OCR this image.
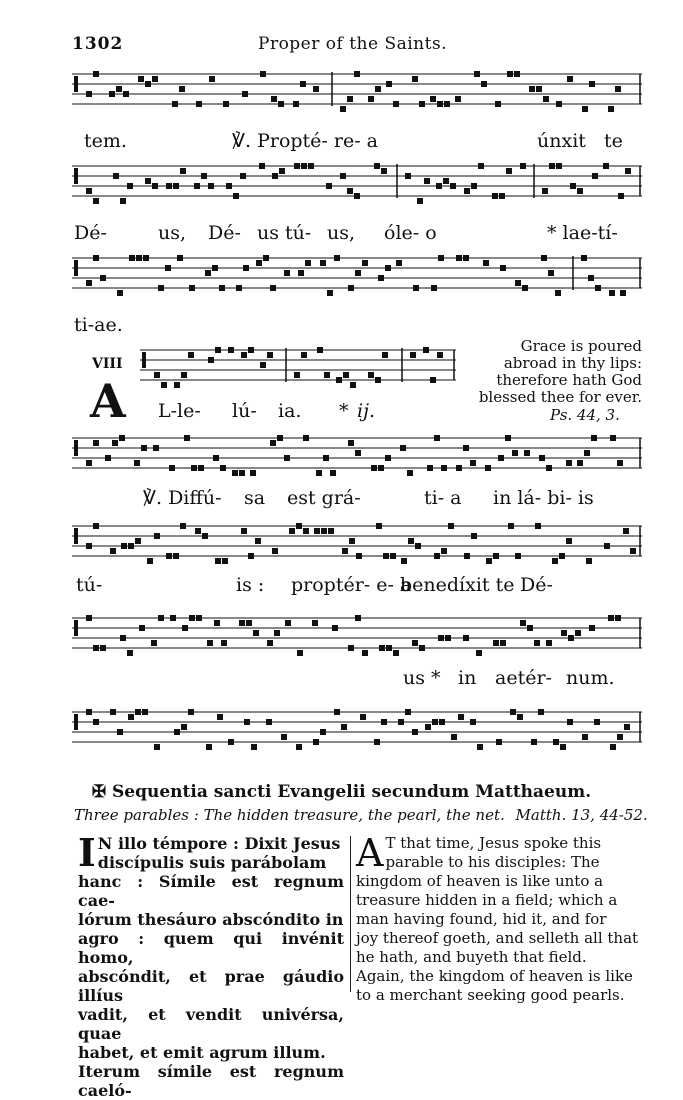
1302	Proper of the Saints.
tem.	℣. Propté- re- a	únxit te
Dé-	us, Dé- us tú- us, óle- o	* lae-tí-
ti-ae.
VIII
A L-le- lú- ia. * ij.
Grace is poured
abroad in thy lips:
therefore hath God
blessed thee for ever.
Ps. 44, 3.
℣. Diffú- sa est grá-	ti- a in lá- bi- is
tú-	is : proptér- e- a
benedíxit te Dé-
us * in aetér- num.
✠ Sequentia sancti Evangelii secundum Matthaeum.
Three parables : The hidden treasure, the pearl, the net. Matth. 13, 44-52.
I N illo témpore : Dixit Jesus
discípulis suis parábolam
hanc : Símile est regnum cae-
lórum thesáuro abscóndito in
agro : quem qui invénit homo,
abscóndit, et prae gáudio illíus
vadit, et vendit univérsa, quae
habet, et emit agrum illum.
Iterum símile est regnum caeló-
A T that time, Jesus spoke this
parable to his disciples: The
kingdom of heaven is like unto a
treasure hidden in a field; which a
man having found, hid it, and for
joy thereof goeth, and selleth all that
he hath, and buyeth that field.
Again, the kingdom of heaven is like
to a merchant seeking good pearls.
